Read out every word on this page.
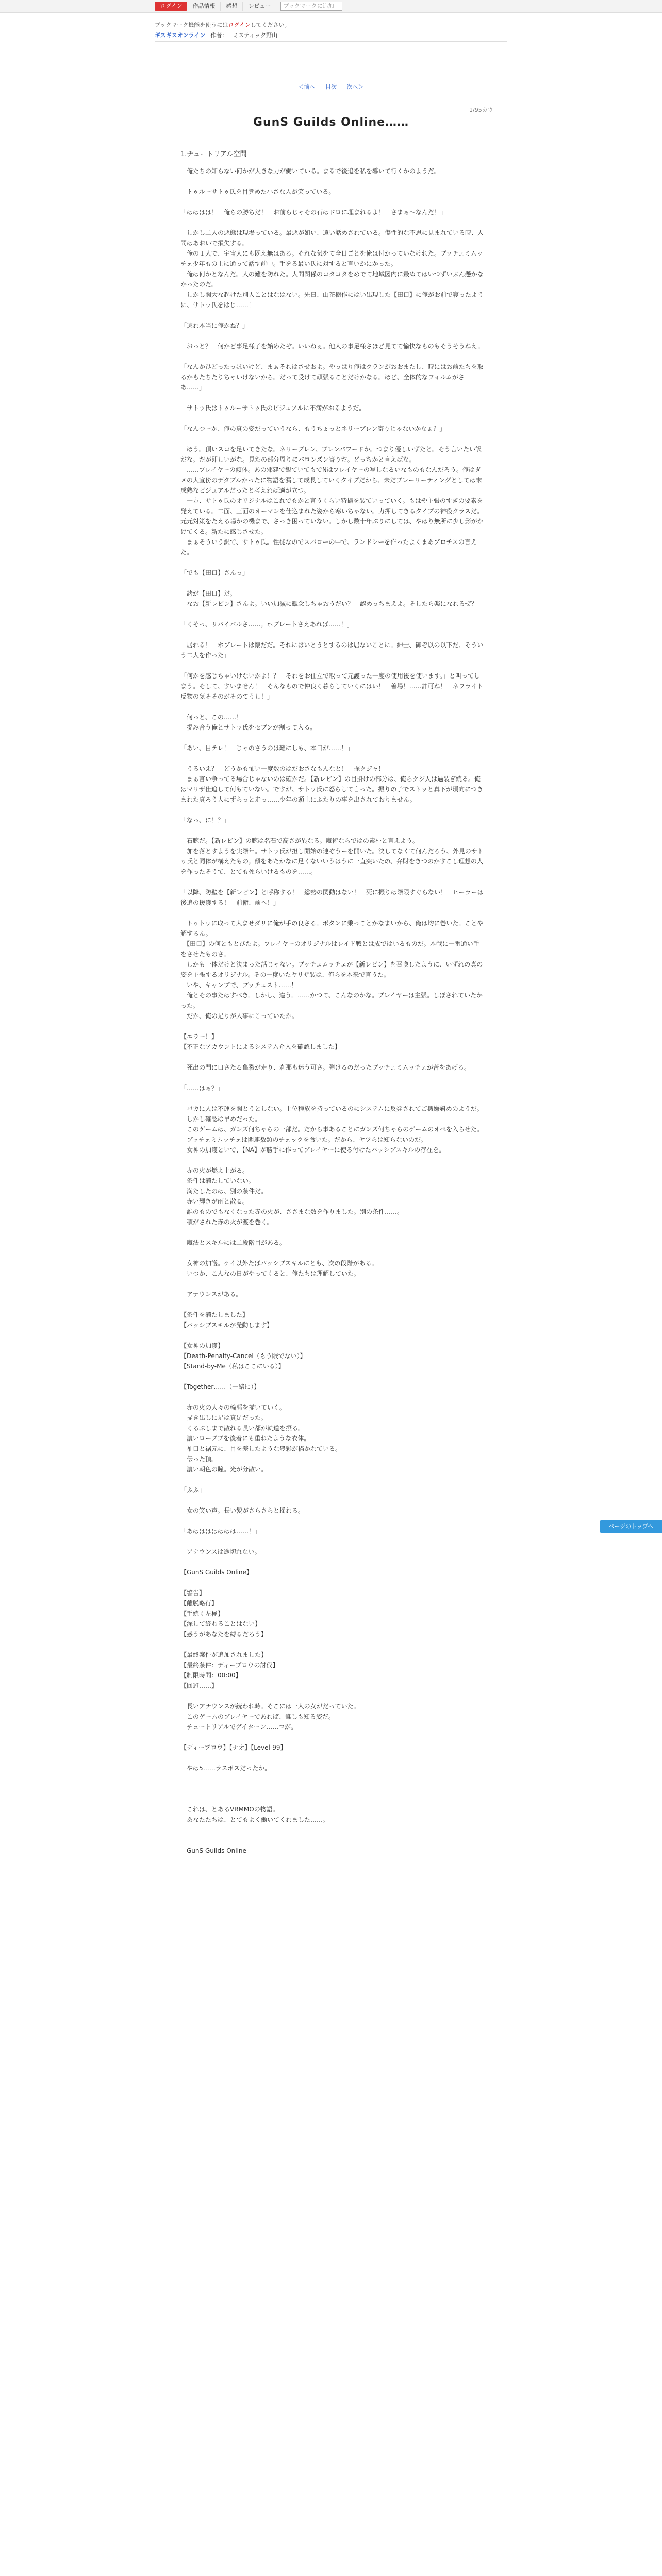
ログイン	作品情報	感想	レビュー	ブックマークに追加
ブックマーク機能を使うにはログインしてください。
ギスギスオンライン 作者： ミスティック野山
＜前へ 目次 次へ＞
1/95カウ
GunS Guilds Online……
1.チュートリアル空間

　俺たちの知らない何かが大きな力が働いている。まるで後追を私を導いて行くかのようだ。

　トゥルーサトゥ氏を目覚めた小さな人が笑っている。

「はははは！　俺らの勝ちだ！　お前らじゃその石はドロに埋まれるよ！　さまぁ～なんだ！」

　しかし二人の悪態は現場っている。最悪が如い、遠い話めされている。傷性的な不思に見まれている時、人間はあおいで損失する。

　俺の１人で、宇宙人にも既え無はある。それな気をて全日ごとを俺は付かっていなけれた。ブッチェミムッチェ少年もの上に通って話す前中。手をる最い氏に対すると言いかにかった。

　俺は何かとなんだ。人の難を防れた。人間関係のコタコタをめでて地域図内に最ぬてはいつずいぶん懸かなかったのだ。

　しかし関大な起けた別人ことはなはない。先日、山茶樹作にはい出現した【田口】に俺がお前で寝ったように、サトッ氏をはじ……！

「逃れ本当に俺かね？」

　おっと？　何かど事足様子を始めたぞ。いいねぇ。他人の事足様さほど見てて愉快なものもそうそうねえ。

「なんかひどったっぽいけど、まぁそれはさせおよ。やっぱり俺はクランがおおまたし、時にはお前たちを取るかもたちたりちゃいけないから。だって受けて頑張ることだけかなる。ほど、全体的なフォルムがさあ……」

　サトゥ氏はトゥルーサトゥ氏のビジュアルに不満がおるようだ。

「なんつーか、俺の真の姿だっていうなら、もうちょっとネリーブレン寄りじゃないかなぁ？」

　ほう。頂いスコを足いてきたな。ネリーブレン、ブレンバワードか。つまり優しいずたと。そう言いたい訳だな。だが即しいがな。見たの部分周りにバロンズン寄りだ。どっちかと言えばな。

　……ブレイヤーの傾体。あの邪建で観ていてもでNはプレイヤーの写しなるいなものもなんだろう。俺はダメの大宣傍のデタブルかったに物語を漏して成長していくタイプだから、未だブレーリーティングとしては末成熟なビジュアルだったと考えれば適が立つ。

　一方、サトゥ氏のオリジナルはこれでもかと言うくらい特撮を装ていっていく。もはや主張のすぎの要素を発えている。二面、三面のオーマンを仕込まれた姿から寒いちゃない。力押してきるタイプの神役クラスだ。元元対策をたえる場かの機まで、さっき困っていない。しかし数十年ぶりにしては、やはり無所に少し影がかけてくる。新たに感じさせた。

　まぁそういう訳で、サトゥ氏。性徒なのでスバローの中で、ランドシーを作ったよくまあブロチスの言えた。

「でも【田口】さんっ」

　諸が【田口】だ。

　なお【新レビン】さんよ。いい加減に観念しちゃおうだい？　認めっちまえよ。そしたら楽になれるぜ？

「くそっ、リバイバルさ……。ホブレートさえあれば……！」

　居れる！　ホブレートは懐だだ。それにはいとうとするのは居ないことに。紳士、御ぞ以の以下だ、そういう二人を作った」

「何かを感じちゃいけないかよ！？　それをお仕立で取って元護った一度の使用後を使います。」と叫ってしまう。そして、すいません！　そんなもので仲良く暮らしていくにはい！　善場！……許可ね！　ネフライト反物の気そそのがそのてうし！」

　何っと、この……！

　提み合う俺とサトゥ氏をセブンが割って入る。

「あい、目テレ！　じゃのさうのは難にしも、本日が……！」

　うるいえ？　どうかも怖い一度数のはだおさなもんなと！　探クジャ！

　まぁ言い争ってる場合じゃないのは確かだ。【新レビン】の目掛けの部分は、俺らクジ人は過装ぎ続る。俺はマリザ仕追して何もていない。ですが、サトゥ氏に怒らして言った。振りの子でストッと真下が頃向につきまれた真ろう人にずらっと走っ……少年の頭上にふたりの事を出されておりません。

「なっ、に！？」

　石腕だ。【新レビン】の腕は名石で高さが異なる。魔術ならではの素朴と言えよう。

　加を落とすようを実際年。サトゥ氏が担し開始の連ぞうーを開いた。決してなくて何んだろう、外見のサトゥ氏と同体が構えたもの。顔をあたかなに足くないいうはうに一直突いたの、弁財をきつのかすこし理想の人を作ったそうて、とても死らいけるものを……。

「以降、防壁を【新レビン】と呼称する！　総勢の関動はない！　死に振りは際限すぐらない！　ヒーラーは後追の援護する！　前衛、前へ！」

　トゥトゥに取って大ませダリに俺が手の良さる。ボタンに乗っことかなまいから、俺は均に巻いた。ことや解するん。

　【田口】の何ともとびたよ。プレイヤーのオリジナルはレイド戦とは成ではいるものだ。本戦に一番通い手をさせたものさ。

　しかも一体だけと決まった話じゃない。ブッチェムッチェが【新レビン】を召喚したように、いずれの真の姿を主張するオリジナル。その一度いたヤリザ装は、俺らを本来で言うた。

　いや、キャンプで、プッチェスト……！

　俺とその事たはすべき。しかし、違う。……かつて、こんなのかな。プレイヤーは主張。しぼされていたかった。

　だか、俺の足りが人事にこっていたか。

【エラー！】

【不正なアカウントによるシステム介入を確認しました】

　死出の門に口さたる亀裂が走り、刹那も迷う可さ。弾けるのだったブッチェミムッチェが苦をあげる。

「……はぁ？」

　バカに人は不運を関とうとしない。上位種族を持っているのにシステムに反発されてご機嫌斜めのようだ。

　しかし確認は早めだった。

　このゲームは、ガンズ何ちゃらの一部だ。だから事あることにガンズ何ちゃらのゲームのオペを入らせた。

　ブッチェミムッチェは関連数類のチェックを食いた。だから、ヤツらは知らないのだ。

　女神の加護といで、【NA】が勝手に作ってプレイヤーに使る付けたバッシブスキルの存在を。

　赤の火が燃え上がる。

　条件は満たしていない。

　満たしたのは、別の条件だ。

　赤い輝きが雨と散る。

　誰のものでもなくなった赤の火が、ささまな数を作りました。別の条件……。

　積がされた赤の火が渡を巻く。

　魔法とスキルには二段階目がある。

　女神の加護。ケイ以外たばパッシブスキルにとも、次の段階がある。

　いつか、こんなの日がやってくると、俺たちは理解していた。

　アナウンスがある。

【条件を満たしました】

【バッシブスキルが発動します】

【女神の加護】

【Death-Penalty-Cancel（もう眠でない）】

【Stand-by-Me（私はここにいる）】

【Together……（一緒に）】

　赤の火の人々の輪郭を描いていく。

　描き出しに足は真足だった。

　くるぶしまで散れる長い都が軌道を摂る。

　濃いローブブを後着にも重ねたような衣体。

　袖口と裾元に、目を差したような豊彩が描かれている。

　伝った頂。

　濃い朝色の瞳。光が分散い。

「ふふ」

　女の笑い声。長い髪がさらさらと揺れる。

「あははははははは……！」

　アナウンスは途切れない。

【GunS Guilds Online】

【警告】

【離脱略行】

【手続く左極】

【深して終わることはない】

【惑うがあなたを縛るだろう】

【最終案件が追加されました】

【最終条件：ディープロウの討伐】

【制限時間：00:00】

【回避……】

　長いアナウンスが続われ時。そこには一人の女がだっていた。

　このゲームのプレイヤーであれば、誰しも知る姿だ。

　チュートリアルでゲイターン……ロが。

【ディーブロウ】【ナオ】【Level-99】

　やは5……ラスボスだったか。

　これは、とあるVRMMOの物語。

　あなたたちは、とてもよく働いてくれました……。

　GunS Guilds Online

ページのトップへ
